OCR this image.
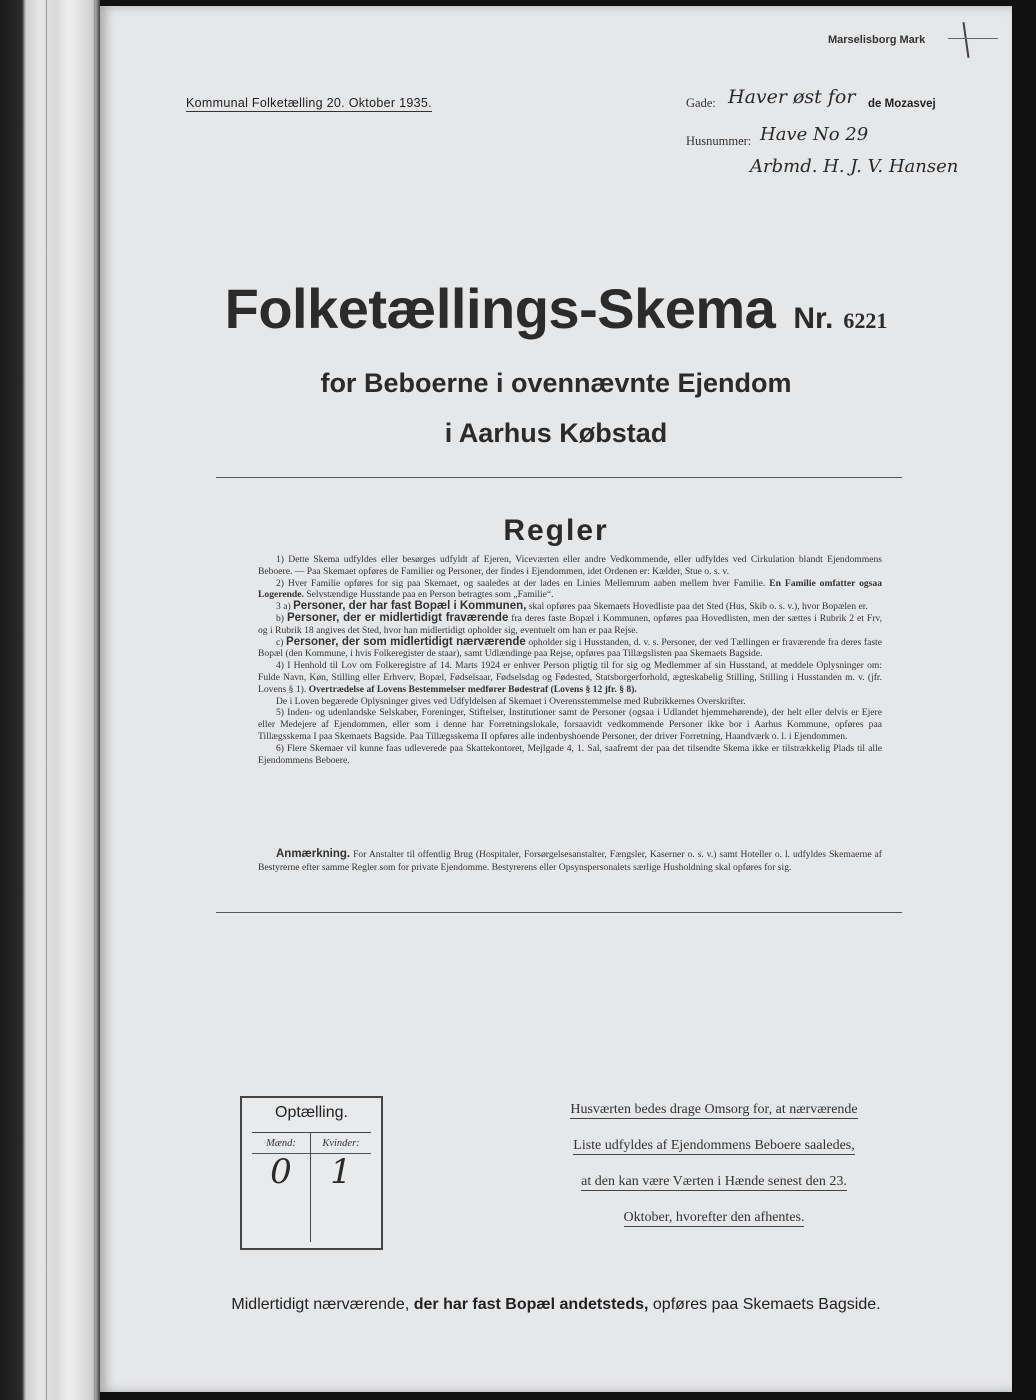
Marselisborg Mark
Kommunal Folketælling 20. Oktober 1935.	Gade: Haver øst for de Mozasvej
Husnummer: Have No 29
Arbmd. H. J. V. Hansen
Folketællings-Skema Nr. 6221
for Beboerne i ovennævnte Ejendom
i Aarhus Købstad
Regler

1) Dette Skema udfyldes eller besørges udfyldt af Ejeren, Viceværten eller andre Vedkommende, eller udfyldes ved Cirkulation blandt Ejendommens Beboere. — Paa Skemaet opføres de Familier og Personer, der findes i Ejendommen, idet Ordenen er: Kælder, Stue o. s. v.

2) Hver Familie opføres for sig paa Skemaet, og saaledes at der lades en Linies Mellemrum aaben mellem hver Familie. En Familie omfatter ogsaa Logerende. Selvstændige Husstande paa en Person betragtes som „Familie“.

3 a) Personer, der har fast Bopæl i Kommunen, skal opføres paa Skemaets Hovedliste paa det Sted (Hus, Skib o. s. v.), hvor Bopælen er.

b) Personer, der er midlertidigt fraværende fra deres faste Bopæl i Kommunen, opføres paa Hovedlisten, men der sættes i Rubrik 2 et Frv, og i Rubrik 18 angives det Sted, hvor han midlertidigt opholder sig, eventuelt om han er paa Rejse.

c) Personer, der som midlertidigt nærværende opholder sig i Husstanden, d. v. s. Personer, der ved Tællingen er fraværende fra deres faste Bopæl (den Kommune, i hvis Folkeregister de staar), samt Udlændinge paa Rejse, opføres paa Tillægslisten paa Skemaets Bagside.

4) I Henhold til Lov om Folkeregistre af 14. Marts 1924 er enhver Person pligtig til for sig og Medlemmer af sin Husstand, at meddele Oplysninger om: Fulde Navn, Køn, Stilling eller Erhverv, Bopæl, Fødselsaar, Fødselsdag og Fødested, Statsborgerforhold, ægteskabelig Stilling, Stilling i Husstanden m. v. (jfr. Lovens § 1). Overtrædelse af Lovens Bestemmelser medfører Bødestraf (Lovens § 12 jfr. § 8).

De i Loven begærede Oplysninger gives ved Udfyldelsen af Skemaet i Overensstemmelse med Rubrikkernes Overskrifter.

5) Inden- og udenlandske Selskaber, Foreninger, Stiftelser, Institutioner samt de Personer (ogsaa i Udlandet hjemmehørende), der helt eller delvis er Ejere eller Medejere af Ejendommen, eller som i denne har Forretningslokale, forsaavidt vedkommende Personer ikke bor i Aarhus Kommune, opføres paa Tillægsskema I paa Skemaets Bagside. Paa Tillægsskema II opføres alle indenbyshoende Personer, der driver Forretning, Haandværk o. l. i Ejendommen.

6) Flere Skemaer vil kunne faas udleverede paa Skattekontoret, Mejlgade 4, 1. Sal, saafremt der paa det tilsendte Skema ikke er tilstrækkelig Plads til alle Ejendommens Beboere.

Anmærkning. For Anstalter til offentlig Brug (Hospitaler, Forsørgelsesanstalter, Fængsler, Kaserner o. s. v.) samt Hoteller o. l. udfyldes Skemaerne af Bestyrerne efter samme Regler som for private Ejendomme. Bestyrerens eller Opsynspersonalets særlige Husholdning skal opføres for sig.

Optælling.
Mænd:	Kvinder:
0	1
Husværten bedes drage Omsorg for, at nærværende
Liste udfyldes af Ejendommens Beboere saaledes,
at den kan være Værten i Hænde senest den 23.
Oktober, hvorefter den afhentes.
Midlertidigt nærværende, der har fast Bopæl andetsteds, opføres paa Skemaets Bagside.
